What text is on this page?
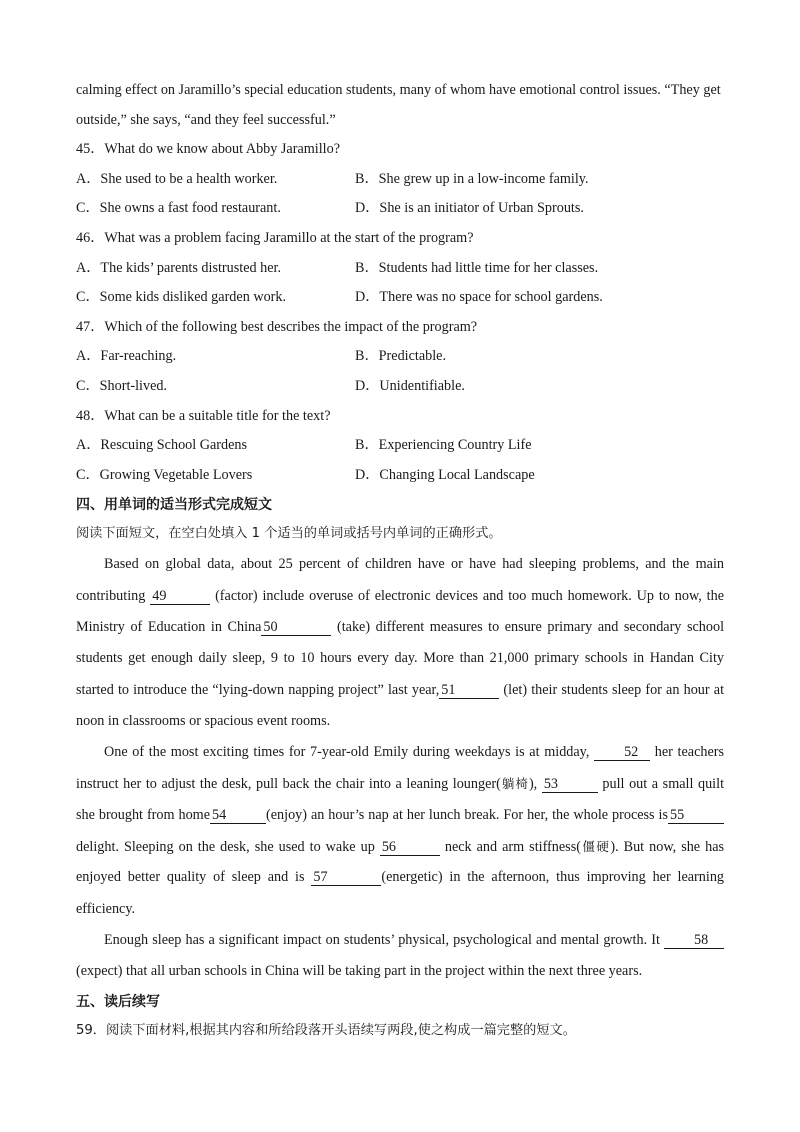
calming effect on Jaramillo’s special education students, many of whom have emotional control issues. “They get
outside,” she says, “and they feel successful.”
45．What do we know about Abby Jaramillo?
A．She used to be a health worker.	B．She grew up in a low-income family.
C．She owns a fast food restaurant.	D．She is an initiator of Urban Sprouts.
46．What was a problem facing Jaramillo at the start of the program?
A．The kids’ parents distrusted her.	B．Students had little time for her classes.
C．Some kids disliked garden work.	D．There was no space for school gardens.
47．Which of the following best describes the impact of the program?
A．Far-reaching.	B．Predictable.
C．Short-lived.	D．Unidentifiable.
48．What can be a suitable title for the text?
A．Rescuing School Gardens	B．Experiencing Country Life
C．Growing Vegetable Lovers	D．Changing Local Landscape
四、用单词的适当形式完成短文
阅读下面短文，在空白处填入 1 个适当的单词或括号内单词的正确形式。
Based on global data, about 25 percent of children have or have had sleeping problems, and the main
contributing 49	(factor) include overuse of electronic devices and too much homework. Up to now, the
Ministry of Education in China 50	(take) different measures to ensure primary and secondary school
students get enough daily sleep, 9 to 10 hours every day. More than 21,000 primary schools in Handan City
started to introduce the “lying-down napping project” last year, 51	(let) their students sleep for an hour at
noon in classrooms or spacious event rooms.
One of the most exciting times for 7-year-old Emily during weekdays is at midday, 52 her teachers
instruct her to adjust the desk, pull back the chair into a leaning lounger(躺椅), 53	pull out a small quilt
she brought from home 54	(enjoy) an hour’s nap at her lunch break. For her, the whole process is 55
delight. Sleeping on the desk, she used to wake up 56	neck and arm stiffness(僵硬). But now, she has
enjoyed better quality of sleep and is 57	(energetic) in the afternoon, thus improving her learning
efficiency.
Enough sleep has a significant impact on students’ physical, psychological and mental growth. It 58
(expect) that all urban schools in China will be taking part in the project within the next three years.
五、读后续写
59．阅读下面材料,根据其内容和所给段落开头语续写两段,使之构成一篇完整的短文。
